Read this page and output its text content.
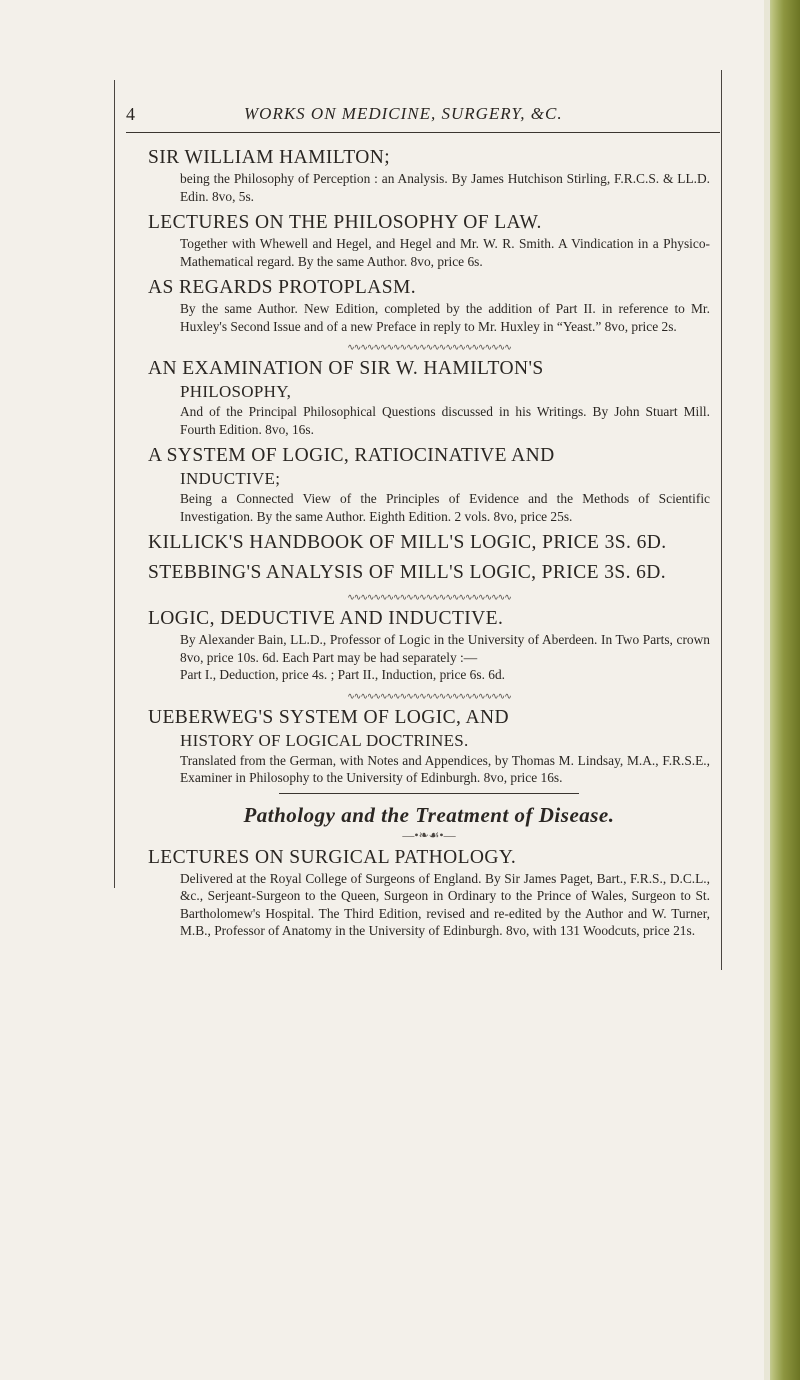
4	WORKS ON MEDICINE, SURGERY, &C.
SIR WILLIAM HAMILTON;
being the Philosophy of Perception : an Analysis. By James Hutchison Stirling, F.R.C.S. & LL.D. Edin. 8vo, 5s.
LECTURES ON THE PHILOSOPHY OF LAW.
Together with Whewell and Hegel, and Hegel and Mr. W. R. Smith. A Vindication in a Physico-Mathematical regard. By the same Author. 8vo, price 6s.
AS REGARDS PROTOPLASM.
By the same Author. New Edition, completed by the addition of Part II. in reference to Mr. Huxley's Second Issue and of a new Preface in reply to Mr. Huxley in “Yeast.” 8vo, price 2s.
∿∿∿∿∿∿∿∿∿∿∿∿∿∿∿∿∿∿∿∿∿∿∿∿∿
AN EXAMINATION OF SIR W. HAMILTON'S
PHILOSOPHY,
And of the Principal Philosophical Questions discussed in his Writings. By John Stuart Mill. Fourth Edition. 8vo, 16s.
A SYSTEM OF LOGIC, RATIOCINATIVE AND
INDUCTIVE;
Being a Connected View of the Principles of Evidence and the Methods of Scientific Investigation. By the same Author. Eighth Edition. 2 vols. 8vo, price 25s.
KILLICK'S HANDBOOK OF MILL'S LOGIC, PRICE 3S. 6D.
STEBBING'S ANALYSIS OF MILL'S LOGIC, PRICE 3S. 6D.
∿∿∿∿∿∿∿∿∿∿∿∿∿∿∿∿∿∿∿∿∿∿∿∿∿
LOGIC, DEDUCTIVE AND INDUCTIVE.
By Alexander Bain, LL.D., Professor of Logic in the University of Aberdeen. In Two Parts, crown 8vo, price 10s. 6d. Each Part may be had separately :—
Part I., Deduction, price 4s. ; Part II., Induction, price 6s. 6d.
∿∿∿∿∿∿∿∿∿∿∿∿∿∿∿∿∿∿∿∿∿∿∿∿∿
UEBERWEG'S SYSTEM OF LOGIC, AND
HISTORY OF LOGICAL DOCTRINES.
Translated from the German, with Notes and Appendices, by Thomas M. Lindsay, M.A., F.R.S.E., Examiner in Philosophy to the University of Edinburgh. 8vo, price 16s.
Pathology and the Treatment of Disease.
—•❧☙•—
LECTURES ON SURGICAL PATHOLOGY.
Delivered at the Royal College of Surgeons of England. By Sir James Paget, Bart., F.R.S., D.C.L., &c., Serjeant-Surgeon to the Queen, Surgeon in Ordinary to the Prince of Wales, Surgeon to St. Bartholomew's Hospital. The Third Edition, revised and re-edited by the Author and W. Turner, M.B., Professor of Anatomy in the University of Edinburgh. 8vo, with 131 Woodcuts, price 21s.
